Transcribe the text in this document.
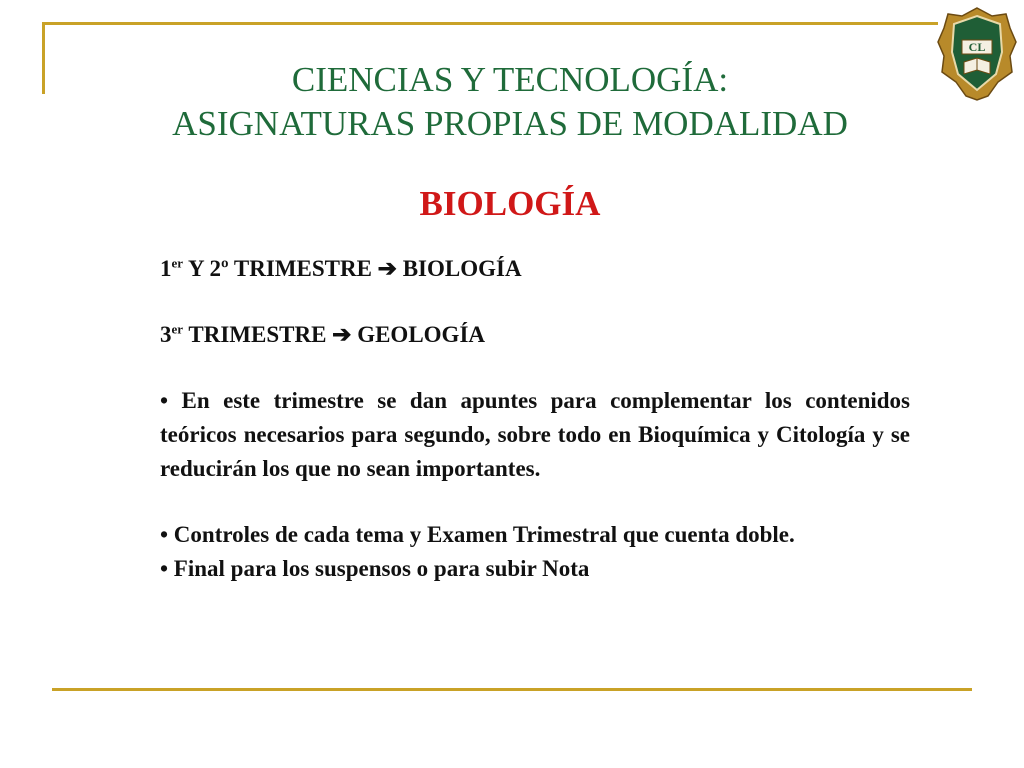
CL
CIENCIAS Y TECNOLOGÍA:
ASIGNATURAS PROPIAS DE MODALIDAD
BIOLOGÍA

1er Y 2º TRIMESTRE ➔ BIOLOGÍA

3er TRIMESTRE ➔ GEOLOGÍA

• En este trimestre se dan apuntes para complementar los contenidos teóricos necesarios para segundo, sobre todo en Bioquímica y Citología y se reducirán los que no sean importantes.

• Controles de cada tema y Examen Trimestral que cuenta doble.

• Final para los suspensos o para subir Nota
